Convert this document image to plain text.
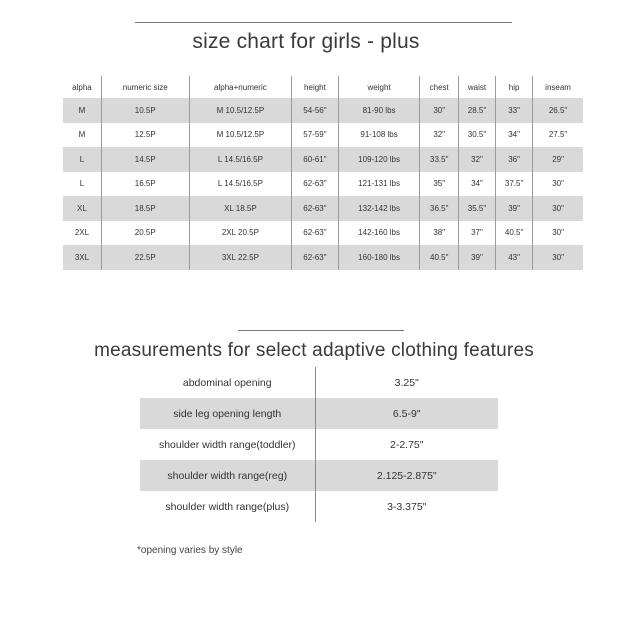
size chart for girls - plus
alpha	numeric size	alpha+numeric	height	weight	chest	waist	hip	inseam
M	10.5P	M 10.5/12.5P	54-56"	81-90 lbs	30"	28.5"	33"	26.5"
M	12.5P	M 10.5/12.5P	57-59"	91-108 lbs	32"	30.5"	34"	27.5"
L	14.5P	L 14.5/16.5P	60-61"	109-120 lbs	33.5"	32"	36"	29"
L	16.5P	L 14.5/16.5P	62-63"	121-131 lbs	35"	34"	37.5"	30"
XL	18.5P	XL 18.5P	62-63"	132-142 lbs	36.5"	35.5"	39"	30"
2XL	20.5P	2XL 20.5P	62-63"	142-160 lbs	38"	37"	40.5"	30"
3XL	22.5P	3XL 22.5P	62-63"	160-180 lbs	40.5"	39"	43"	30"
measurements for select adaptive clothing features
abdominal opening	3.25"
side leg opening length	6.5-9"
shoulder width range(toddler)	2-2.75"
shoulder width range(reg)	2.125-2.875"
shoulder width range(plus)	3-3.375"
*opening varies by style
